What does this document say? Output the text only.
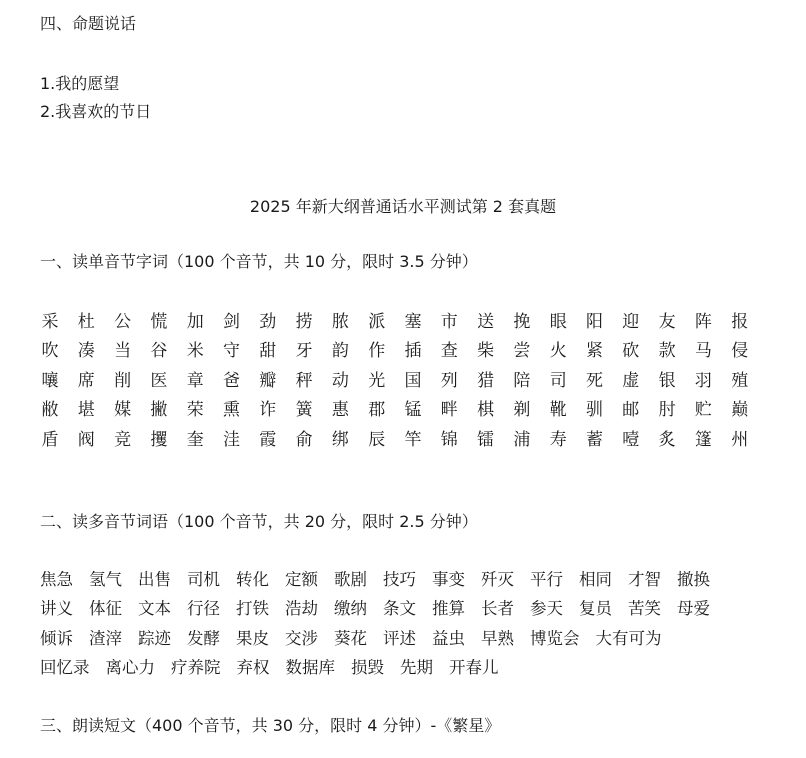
四、命题说话
1.我的愿望
2.我喜欢的节日
2025 年新大纲普通话水平测试第 2 套真题
一、读单音节字词（100 个音节，共 10 分，限时 3.5 分钟）
采 杜 公 慌 加 剑 劲 捞 脓 派 塞 市 送 挽 眼 阳 迎 友 阵 报
吹 凑 当 谷 米 守 甜 牙 韵 作 插 查 柴 尝 火 紧 砍 款 马 侵
嚷 席 削 医 章 爸 瓣 秤 动 光 国 列 猎 陪 司 死 虚 银 羽 殖
敝 堪 媒 撇 荣 熏 诈 簧 惠 郡 锰 畔 棋 剃 靴 驯 邮 肘 贮 巅
盾 阀 竞 攫 奎 洼 霞 俞 绑 辰 竿 锦 镭 浦 寿 蓄 噎 炙 篷 州
二、读多音节词语（100 个音节，共 20 分，限时 2.5 分钟）
焦急 氢气 出售 司机 转化 定额 歌剧 技巧 事变 歼灭 平行 相同 才智 撤换
讲义 体征 文本 行径 打铁 浩劫 缴纳 条文 推算 长者 参天 复员 苦笑 母爱
倾诉 渣滓 踪迹 发酵 果皮 交涉 葵花 评述 益虫 早熟 博览会 大有可为
回忆录 离心力 疗养院 弃权 数据库 损毁 先期 开春儿
三、朗读短文（400 个音节，共 30 分，限时 4 分钟）-《繁星》
